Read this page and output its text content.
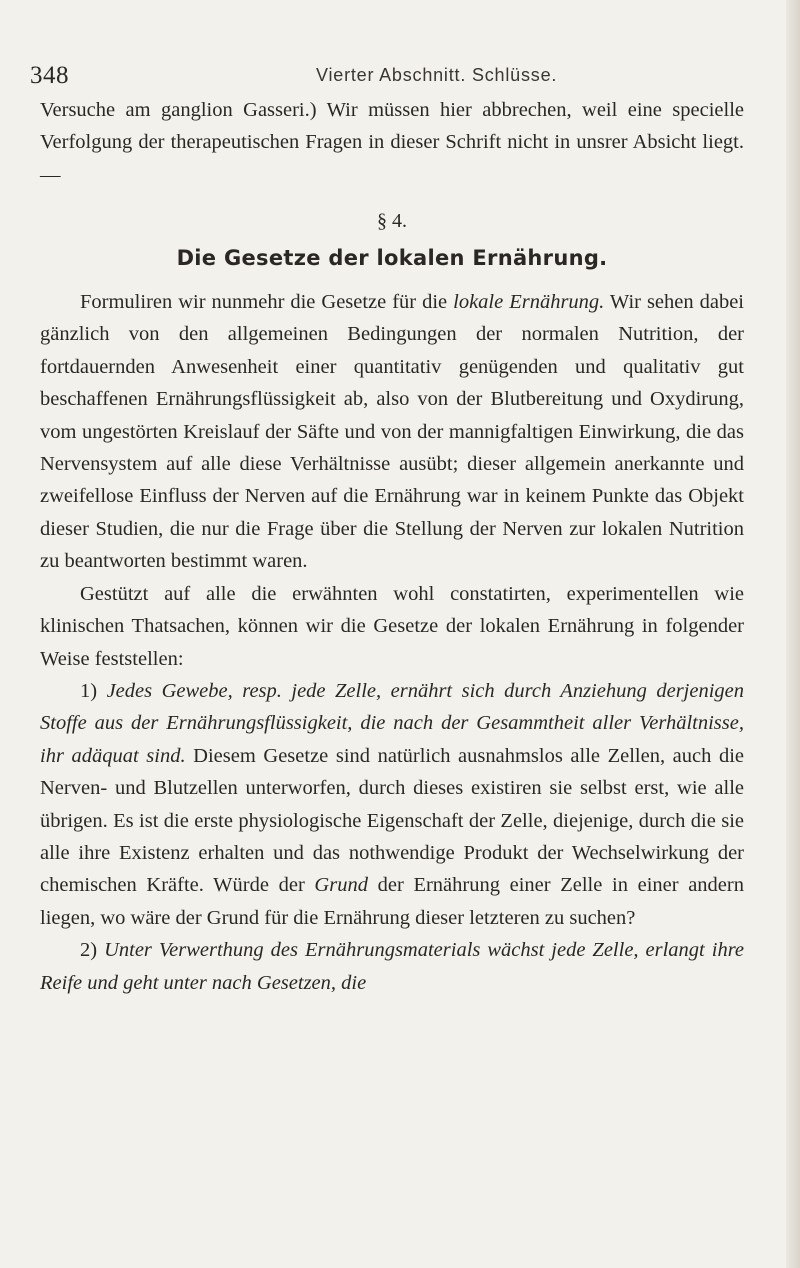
348	Vierter Abschnitt. Schlüsse.

Versuche am ganglion Gasseri.) Wir müssen hier abbrechen, weil eine specielle Verfolgung der therapeutischen Fragen in dieser Schrift nicht in unsrer Absicht liegt. —

§ 4.

Die Gesetze der lokalen Ernährung.

Formuliren wir nunmehr die Gesetze für die lokale Ernährung. Wir sehen dabei gänzlich von den allgemeinen Bedingungen der normalen Nutrition, der fortdauernden Anwesenheit einer quantitativ genügenden und qualitativ gut beschaffenen Ernährungsflüssigkeit ab, also von der Blutbereitung und Oxydirung, vom ungestörten Kreislauf der Säfte und von der mannigfaltigen Einwirkung, die das Nervensystem auf alle diese Verhältnisse ausübt; dieser allgemein anerkannte und zweifellose Einfluss der Nerven auf die Ernährung war in keinem Punkte das Objekt dieser Studien, die nur die Frage über die Stellung der Nerven zur lokalen Nutrition zu beantworten bestimmt waren.

Gestützt auf alle die erwähnten wohl constatirten, experimentellen wie klinischen Thatsachen, können wir die Gesetze der lokalen Ernährung in folgender Weise feststellen:

1) Jedes Gewebe, resp. jede Zelle, ernährt sich durch Anziehung derjenigen Stoffe aus der Ernährungsflüssigkeit, die nach der Gesammtheit aller Verhältnisse, ihr adäquat sind. Diesem Gesetze sind natürlich ausnahmslos alle Zellen, auch die Nerven- und Blutzellen unterworfen, durch dieses existiren sie selbst erst, wie alle übrigen. Es ist die erste physiologische Eigenschaft der Zelle, diejenige, durch die sie alle ihre Existenz erhalten und das nothwendige Produkt der Wechselwirkung der chemischen Kräfte. Würde der Grund der Ernährung einer Zelle in einer andern liegen, wo wäre der Grund für die Ernährung dieser letzteren zu suchen?

2) Unter Verwerthung des Ernährungsmaterials wächst jede Zelle, erlangt ihre Reife und geht unter nach Gesetzen, die
